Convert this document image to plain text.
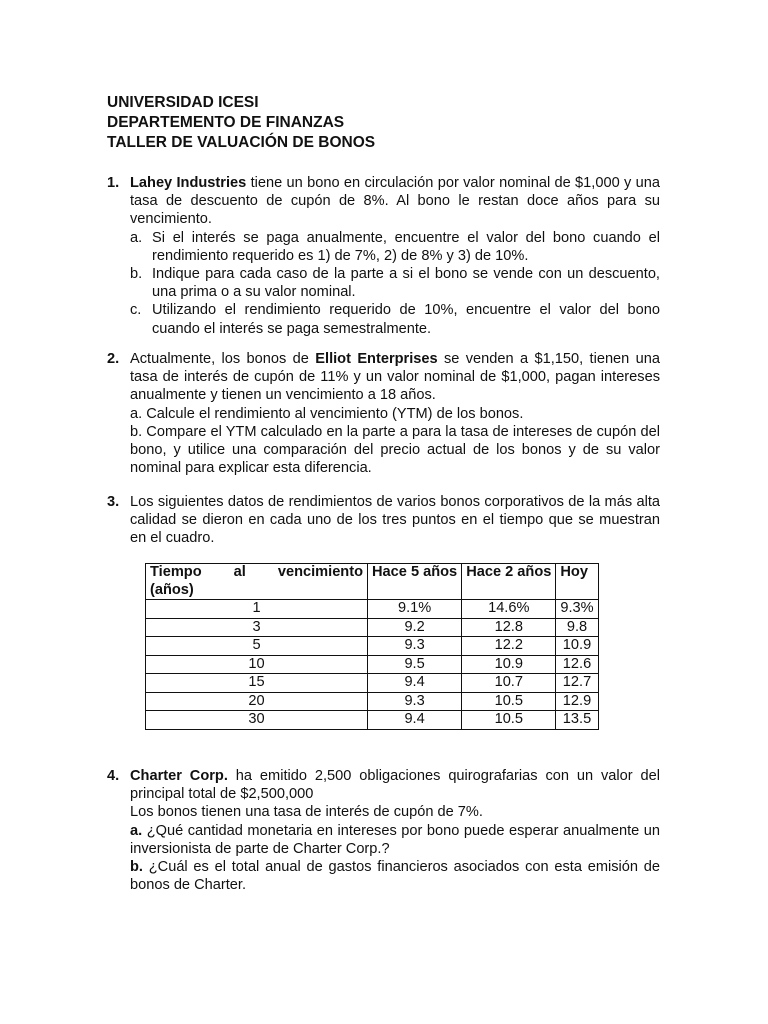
UNIVERSIDAD ICESI
DEPARTEMENTO DE FINANZAS
TALLER DE VALUACIÓN DE BONOS
1. Lahey Industries tiene un bono en circulación por valor nominal de $1,000 y una tasa de descuento de cupón de 8%. Al bono le restan doce años para su vencimiento.

a. Si el interés se paga anualmente, encuentre el valor del bono cuando el rendimiento requerido es 1) de 7%, 2) de 8% y 3) de 10%.
b. Indique para cada caso de la parte a si el bono se vende con un descuento, una prima o a su valor nominal.
c. Utilizando el rendimiento requerido de 10%, encuentre el valor del bono cuando el interés se paga semestralmente.
2. Actualmente, los bonos de Elliot Enterprises se venden a $1,150, tienen una tasa de interés de cupón de 11% y un valor nominal de $1,000, pagan intereses anualmente y tienen un vencimiento a 18 años.

a. Calcule el rendimiento al vencimiento (YTM) de los bonos.

b. Compare el YTM calculado en la parte a para la tasa de intereses de cupón del bono, y utilice una comparación del precio actual de los bonos y de su valor nominal para explicar esta diferencia.

3. Los siguientes datos de rendimientos de varios bonos corporativos de la más alta calidad se dieron en cada uno de los tres puntos en el tiempo que se muestran en el cuadro.

Tiempo al vencimiento
(años)	Hace 5 años	Hace 2 años	Hoy
1	9.1%	14.6%	9.3%
3	9.2	12.8	9.8
5	9.3	12.2	10.9
10	9.5	10.9	12.6
15	9.4	10.7	12.7
20	9.3	10.5	12.9
30	9.4	10.5	13.5
4. Charter Corp. ha emitido 2,500 obligaciones quirografarias con un valor del principal total de $2,500,000

Los bonos tienen una tasa de interés de cupón de 7%.

a. ¿Qué cantidad monetaria en intereses por bono puede esperar anualmente un inversionista de parte de Charter Corp.?

b. ¿Cuál es el total anual de gastos financieros asociados con esta emisión de bonos de Charter.
